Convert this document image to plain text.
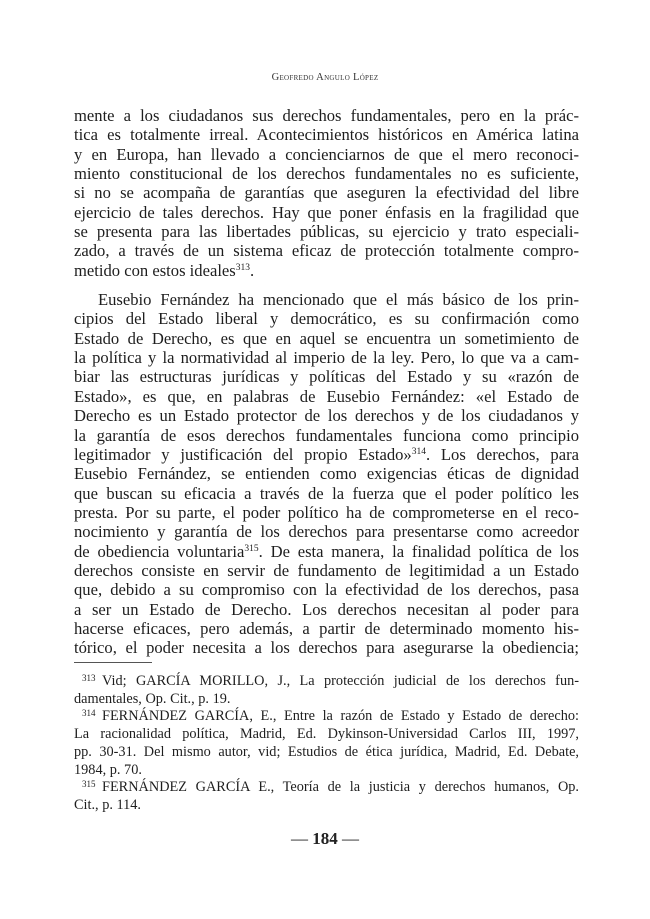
Geofredo Angulo López

mente a los ciudadanos sus derechos fundamentales, pero en la prác-
tica es totalmente irreal. Acontecimientos históricos en América latina
y en Europa, han llevado a concienciarnos de que el mero reconoci-
miento constitucional de los derechos fundamentales no es suficiente,
si no se acompaña de garantías que aseguren la efectividad del libre
ejercicio de tales derechos. Hay que poner énfasis en la fragilidad que
se presenta para las libertades públicas, su ejercicio y trato especiali-
zado, a través de un sistema eficaz de protección totalmente compro-
metido con estos ideales$^{313}$.

Eusebio Fernández ha mencionado que el más básico de los prin-
cipios del Estado liberal y democrático, es su confirmación como
Estado de Derecho, es que en aquel se encuentra un sometimiento de
la política y la normatividad al imperio de la ley. Pero, lo que va a cam-
biar las estructuras jurídicas y políticas del Estado y su «razón de
Estado», es que, en palabras de Eusebio Fernández: «el Estado de
Derecho es un Estado protector de los derechos y de los ciudadanos y
la garantía de esos derechos fundamentales funciona como principio
legitimador y justificación del propio Estado»$^{314}$. Los derechos, para
Eusebio Fernández, se entienden como exigencias éticas de dignidad
que buscan su eficacia a través de la fuerza que el poder político les
presta. Por su parte, el poder político ha de comprometerse en el reco-
nocimiento y garantía de los derechos para presentarse como acreedor
de obediencia voluntaria$^{315}$. De esta manera, la finalidad política de los
derechos consiste en servir de fundamento de legitimidad a un Estado
que, debido a su compromiso con la efectividad de los derechos, pasa
a ser un Estado de Derecho. Los derechos necesitan al poder para
hacerse eficaces, pero además, a partir de determinado momento his-
tórico, el poder necesita a los derechos para asegurarse la obediencia;

313 Vid; GARCÍA MORILLO, J., La protección judicial de los derechos fun-
damentales, Op. Cit., p. 19.
314 FERNÁNDEZ GARCÍA, E., Entre la razón de Estado y Estado de derecho:
La racionalidad política, Madrid, Ed. Dykinson-Universidad Carlos III, 1997,
pp. 30-31. Del mismo autor, vid; Estudios de ética jurídica, Madrid, Ed. Debate,
1984, p. 70.
315 FERNÁNDEZ GARCÍA E., Teoría de la justicia y derechos humanos, Op.
Cit., p. 114.
— 184 —
